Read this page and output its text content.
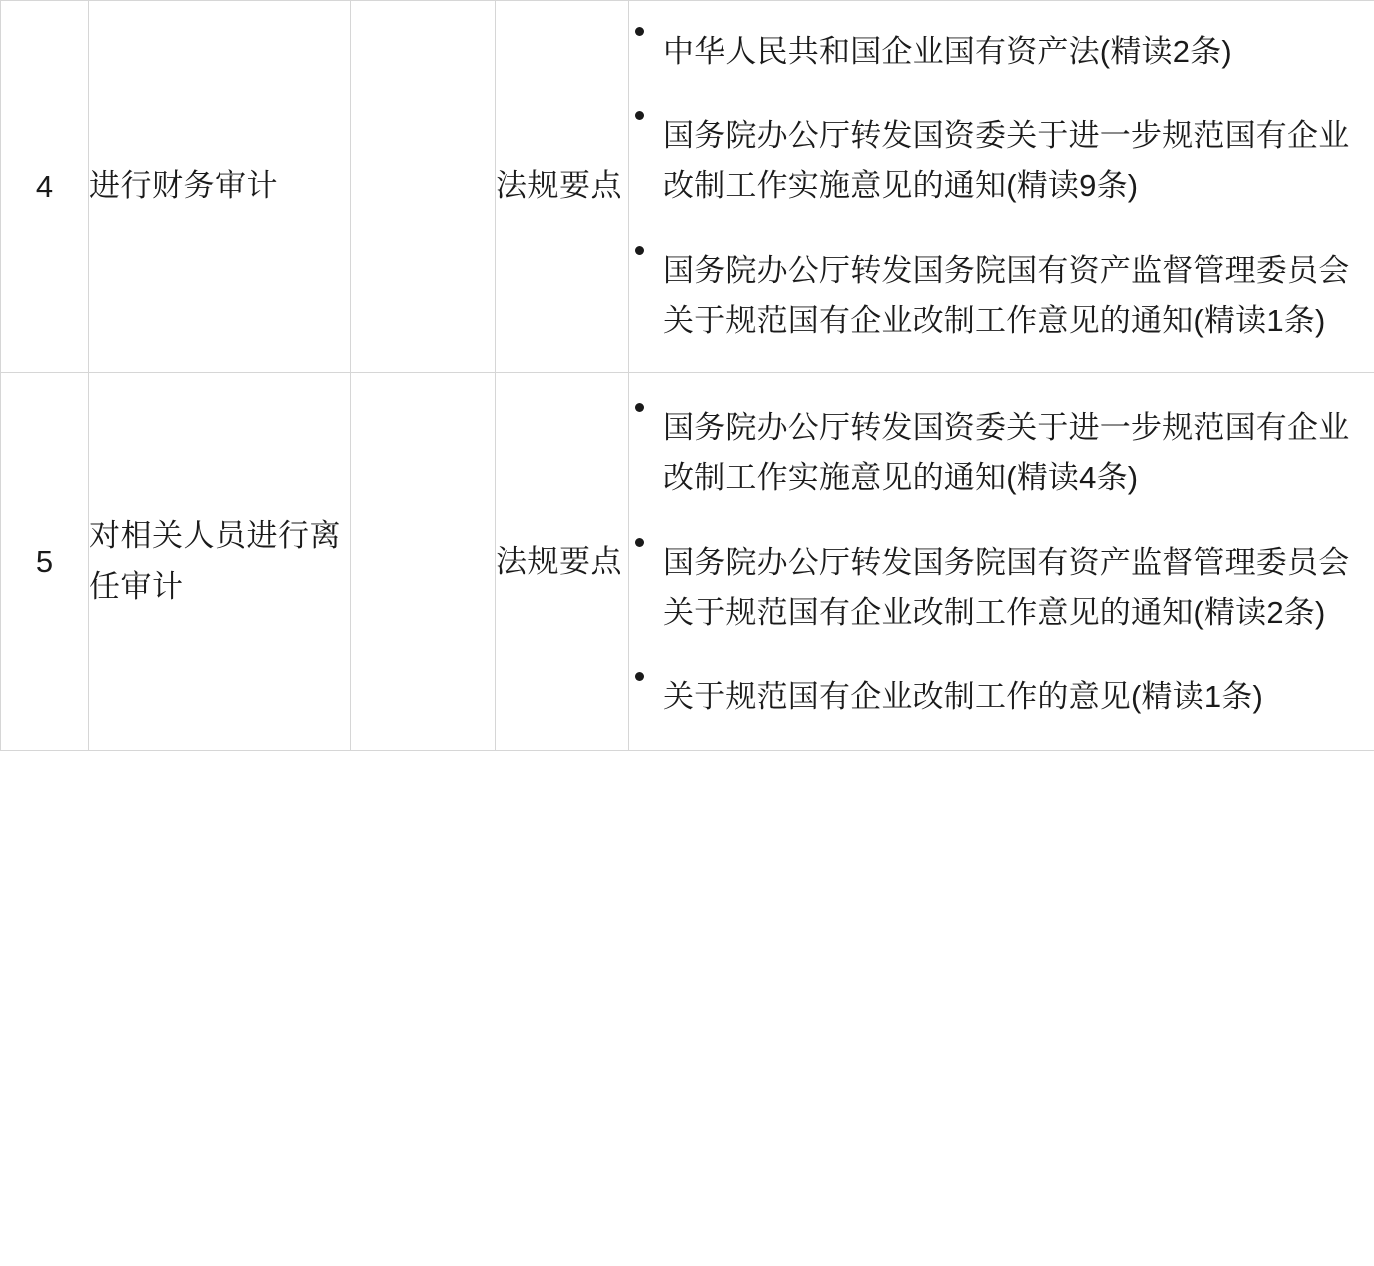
4	进行财务审计		法规要点	
中华人民共和国企业国有资产法(精读2条)
国务院办公厅转发国资委关于进一步规范国有企业改制工作实施意见的通知(精读9条)
国务院办公厅转发国务院国有资产监督管理委员会关于规范国有企业改制工作意见的通知(精读1条)

5	对相关人员进行离任审计		法规要点	
国务院办公厅转发国资委关于进一步规范国有企业改制工作实施意见的通知(精读4条)
国务院办公厅转发国务院国有资产监督管理委员会关于规范国有企业改制工作意见的通知(精读2条)
关于规范国有企业改制工作的意见(精读1条)
